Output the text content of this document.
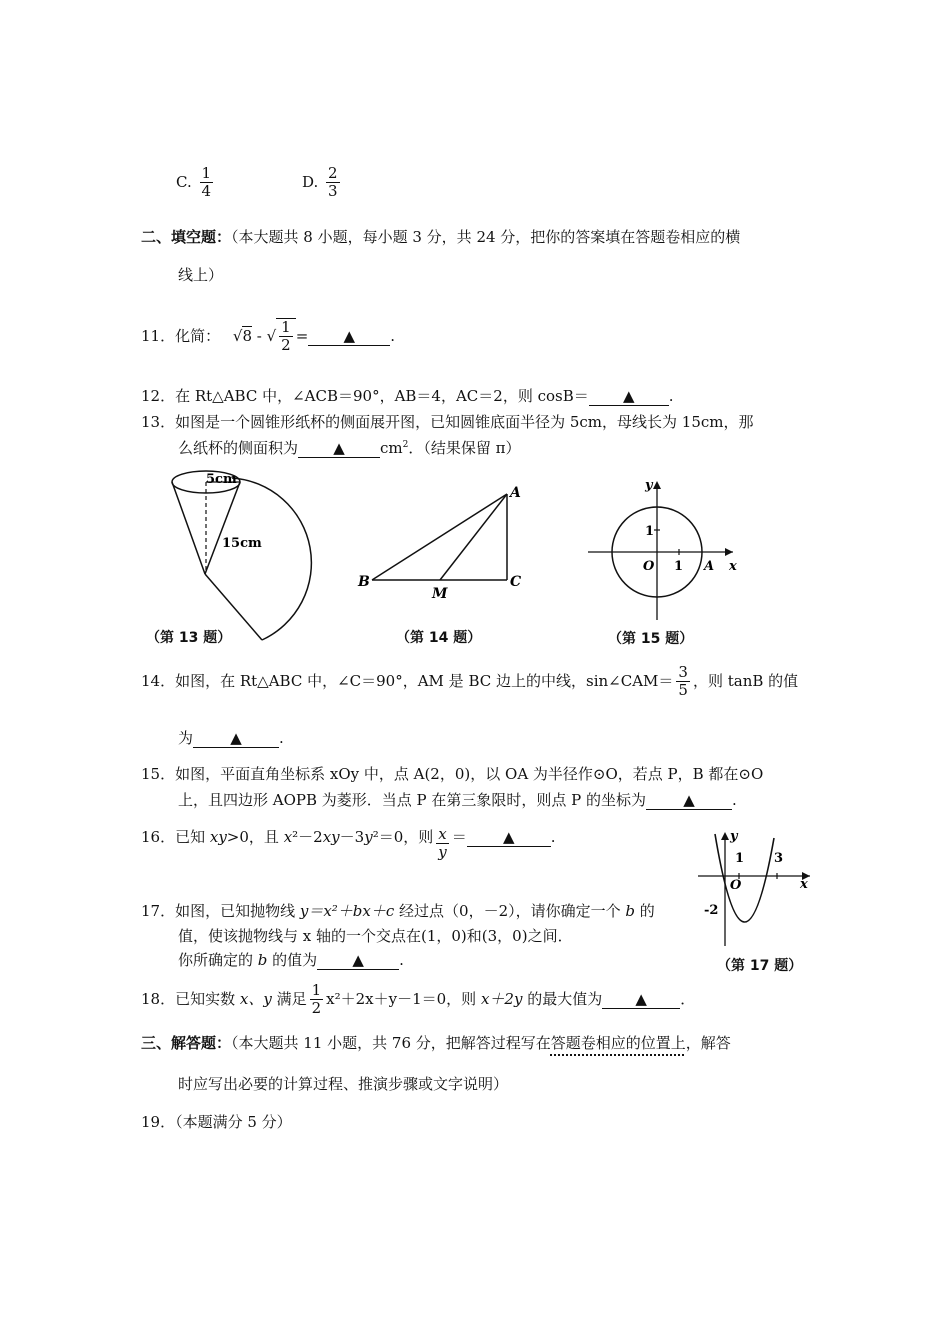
C. $\frac{1}{4}$	D. $\frac{2}{3}$
二、填空题：（本大题共 8 小题，每小题 3 分，共 24 分，把你的答案填在答题卷相应的横
线上）
11．化简： √8 - √ $\frac{1}{2}$ = ▲ .
12．在 Rt△ABC 中，∠ACB＝90°，AB＝4，AC＝2，则 cosB＝ ▲ .
13．如图是一个圆锥形纸杯的侧面展开图，已知圆锥底面半径为 5cm，母线长为 15cm，那
么纸杯的侧面积为 ▲ $cm^2$．（结果保留 π）
5cm
15cm
（第 13 题）
A
B	C
M
（第 14 题）
y
x
1
O 1 A
（第 15 题）
14．如图，在 Rt△ABC 中，∠C＝90°，AM 是 BC 边上的中线，sin∠CAM＝ $\frac{3}{5}$ ，则 tanB 的值
为 ▲ .
15．如图，平面直角坐标系 xOy 中，点 A(2，0)，以 OA 为半径作⊙O，若点 P，B 都在⊙O
上，且四边形 AOPB 为菱形．当点 P 在第三象限时，则点 P 的坐标为 ▲ .
16．已知 xy>0，且 x²－2xy－3y²＝0，则 $\frac{x}{y}$ ＝ ▲ .	y
1 3
O	x
-2
（第 17 题）
17．如图，已知抛物线 y＝x²＋bx＋c 经过点（0，－2），请你确定一个 b 的
值，使该抛物线与 x 轴的一个交点在(1，0)和(3，0)之间．
你所确定的 b 的值为 ▲ .
18．已知实数 x、y 满足 $\frac{1}{2} x^2+2x+y-1=0$，则 x＋2y 的最大值为 ▲ ．
三、解答题：（本大题共 11 小题，共 76 分，把解答过程写在答题卷相应的位置上，解答
时应写出必要的计算过程、推演步骤或文字说明）
19．（本题满分 5 分）
